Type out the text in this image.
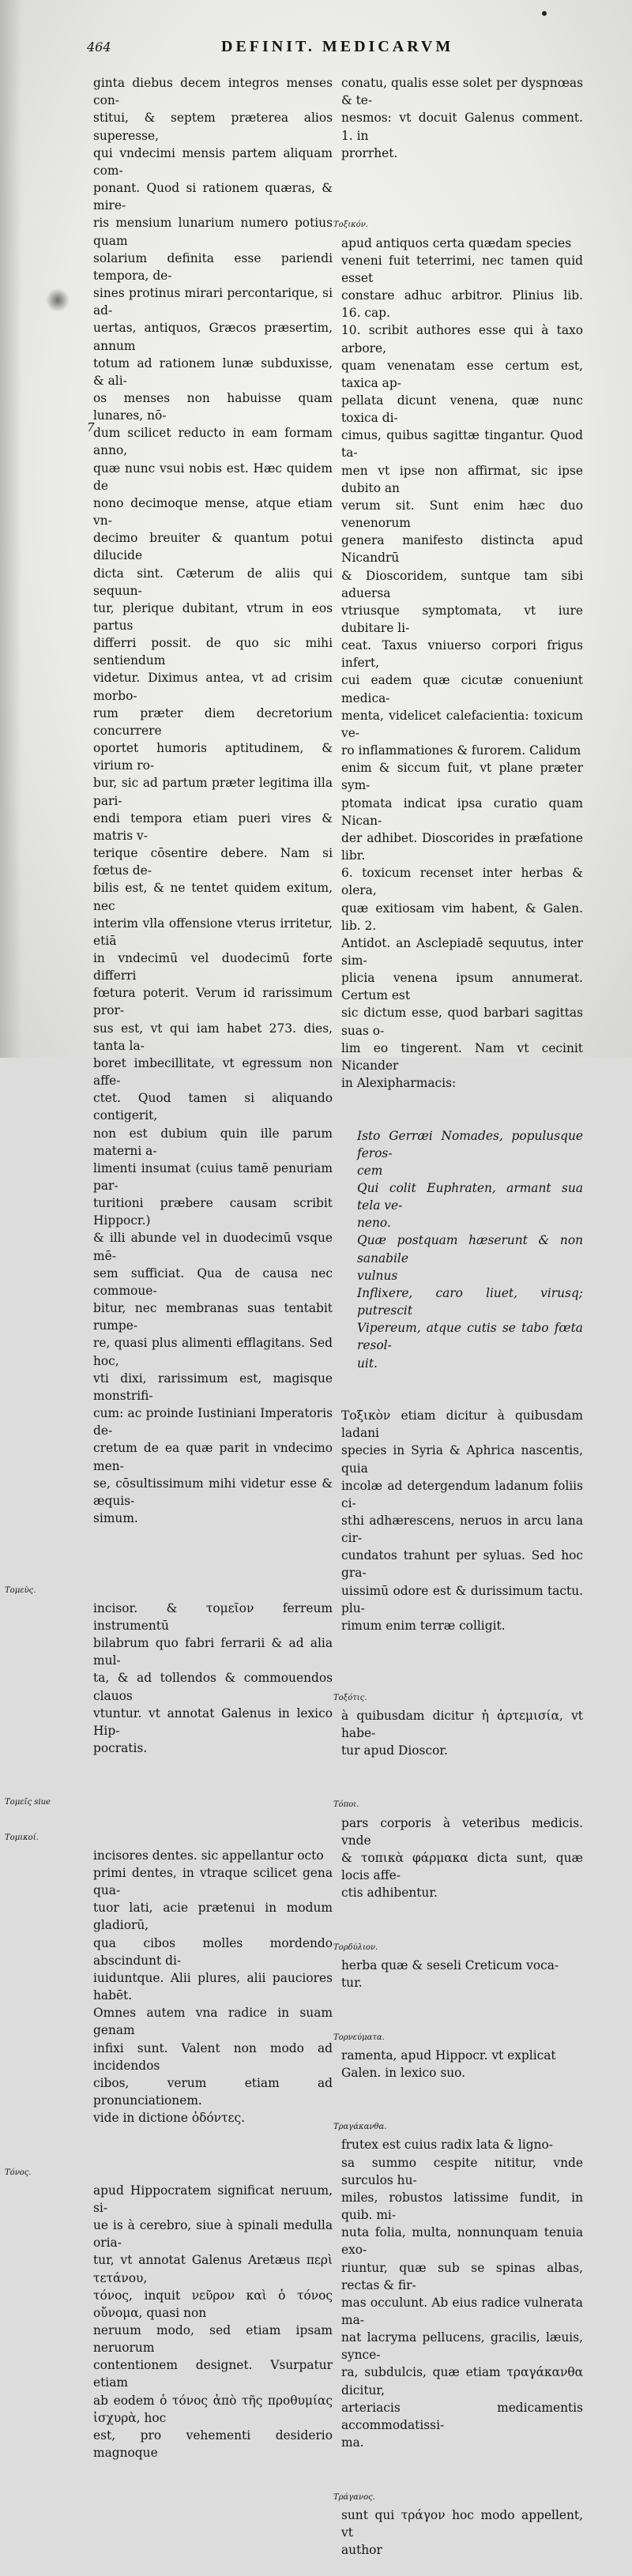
464	DEFINIT. MEDICARVM
7

ginta diebus decem integros menses con-
stitui, & septem præterea alios superesse,
qui vndecimi mensis partem aliquam com-
ponant. Quod si rationem quæras, & mire-
ris mensium lunarium numero potius quam
solarium definita esse pariendi tempora, de-
sines protinus mirari percontarique, si ad-
uertas, antiquos, Græcos præsertim, annum
totum ad rationem lunæ subduxisse, & ali-
os menses non habuisse quam lunares, nō-
dum scilicet reducto in eam formam anno,
quæ nunc vsui nobis est. Hæc quidem de
nono decimoque mense, atque etiam vn-
decimo breuiter & quantum potui dilucide
dicta sint. Cæterum de aliis qui sequun-
tur, plerique dubitant, vtrum in eos partus
differri possit. de quo sic mihi sentiendum
videtur. Diximus antea, vt ad crisim morbo-
rum præter diem decretorium concurrere
oportet humoris aptitudinem, & virium ro-
bur, sic ad partum præter legitima illa pari-
endi tempora etiam pueri vires & matris v-
terique cōsentire debere. Nam si fœtus de-
bilis est, & ne tentet quidem exitum, nec
interim vlla offensione vterus irritetur, etiā
in vndecimū vel duodecimū forte differri
fœtura poterit. Verum id rarissimum pror-
sus est, vt qui iam habet 273. dies, tanta la-
boret imbecillitate, vt egressum non affe-
ctet. Quod tamen si aliquando contigerit,
non est dubium quin ille parum materni a-
limenti insumat (cuius tamē penuriam par-
turitioni præbere causam scribit Hippocr.)
& illi abunde vel in duodecimū vsque mē-
sem sufficiat. Qua de causa nec commoue-
bitur, nec membranas suas tentabit rumpe-
re, quasi plus alimenti efflagitans. Sed hoc,
vti dixi, rarissimum est, magisque monstrifi-
cum: ac proinde Iustiniani Imperatoris de-
cretum de ea quæ parit in vndecimo men-
se, cōsultissimum mihi videtur esse & æquis-
simum.

Τομεὺς.
incisor. & τομεῖον ferreum instrumentū
bilabrum quo fabri ferrarii & ad alia mul-
ta, & ad tollendos & commouendos clauos
vtuntur. vt annotat Galenus in lexico Hip-
pocratis.

Τομεῖς siue

Τομικοί.
incisores dentes. sic appellantur octo
primi dentes, in vtraque scilicet gena qua-
tuor lati, acie prætenui in modum gladiorū,
qua cibos molles mordendo abscindunt di-
iuiduntque. Alii plures, alii pauciores habēt.
Omnes autem vna radice in suam genam
infixi sunt. Valent non modo ad incidendos
cibos, verum etiam ad pronunciationem.
vide in dictione ὀδόντες.

Τόνος.
apud Hippocratem significat neruum, si-
ue is à cerebro, siue à spinali medulla oria-
tur, vt annotat Galenus Aretæus περὶ τετάνου,
τόνος, inquit νεῦρον καὶ ὁ τόνος οὔνομα, quasi non
neruum modo, sed etiam ipsam neruorum
contentionem designet. Vsurpatur etiam
ab eodem ὁ τόνος ἀπὸ τῆς προθυμίας ἰσχυρὰ, hoc
est, pro vehementi desiderio magnoque

conatu, qualis esse solet per dyspnœas & te-
nesmos: vt docuit Galenus comment. 1. in
prorrhet.

Τοξικόν.
apud antiquos certa quædam species
veneni fuit teterrimi, nec tamen quid esset
constare adhuc arbitror. Plinius lib. 16. cap.
10. scribit authores esse qui à taxo arbore,
quam venenatam esse certum est, taxica ap-
pellata dicunt venena, quæ nunc toxica di-
cimus, quibus sagittæ tingantur. Quod ta-
men vt ipse non affirmat, sic ipse dubito an
verum sit. Sunt enim hæc duo venenorum
genera manifesto distincta apud Nicandrū
& Dioscoridem, suntque tam sibi aduersa
vtriusque symptomata, vt iure dubitare li-
ceat. Taxus vniuerso corpori frigus infert,
cui eadem quæ cicutæ conueniunt medica-
menta, videlicet calefacientia: toxicum ve-
ro inflammationes & furorem. Calidum
enim & siccum fuit, vt plane præter sym-
ptomata indicat ipsa curatio quam Nican-
der adhibet. Dioscorides in præfatione libr.
6. toxicum recenset inter herbas & olera,
quæ exitiosam vim habent, & Galen. lib. 2.
Antidot. an Asclepiadē sequutus, inter sim-
plicia venena ipsum annumerat. Certum est
sic dictum esse, quod barbari sagittas suas o-
lim eo tingerent. Nam vt cecinit Nicander
in Alexipharmacis:

Isto Gerræi Nomades, populusque feros-
cem
Qui colit Euphraten, armant sua tela ve-
neno.
Quæ postquam hæserunt & non sanabile
vulnus
Inflixere, caro liuet, virusq; putrescit
Vipereum, atque cutis se tabo fœta resol-
uit.

Τοξικὸν etiam dicitur à quibusdam ladani
species in Syria & Aphrica nascentis, quia
incolæ ad detergendum ladanum foliis ci-
sthi adhærescens, neruos in arcu lana cir-
cundatos trahunt per syluas. Sed hoc gra-
uissimū odore est & durissimum tactu. plu-
rimum enim terræ colligit.

Τοξότις.
à quibusdam dicitur ἡ ἀρτεμισία, vt habe-
tur apud Dioscor.

Τόποι.
pars corporis à veteribus medicis. vnde
& τοπικὰ φάρμακα dicta sunt, quæ locis affe-
ctis adhibentur.

Τορδύλιον.
herba quæ & seseli Creticum voca-
tur.

Τορνεύματα.
ramenta, apud Hippocr. vt explicat
Galen. in lexico suo.

Τραγάκανθα.
frutex est cuius radix lata & ligno-
sa summo cespite nititur, vnde surculos hu-
miles, robustos latissime fundit, in quib. mi-
nuta folia, multa, nonnunquam tenuia exo-
riuntur, quæ sub se spinas albas, rectas & fir-
mas occulunt. Ab eius radice vulnerata ma-
nat lacryma pellucens, gracilis, læuis, synce-
ra, subdulcis, quæ etiam τραγάκανθα dicitur,
arteriacis medicamentis accommodatissi-
ma.

Τράγανος.
sunt qui τράγον hoc modo appellent, vt
author
